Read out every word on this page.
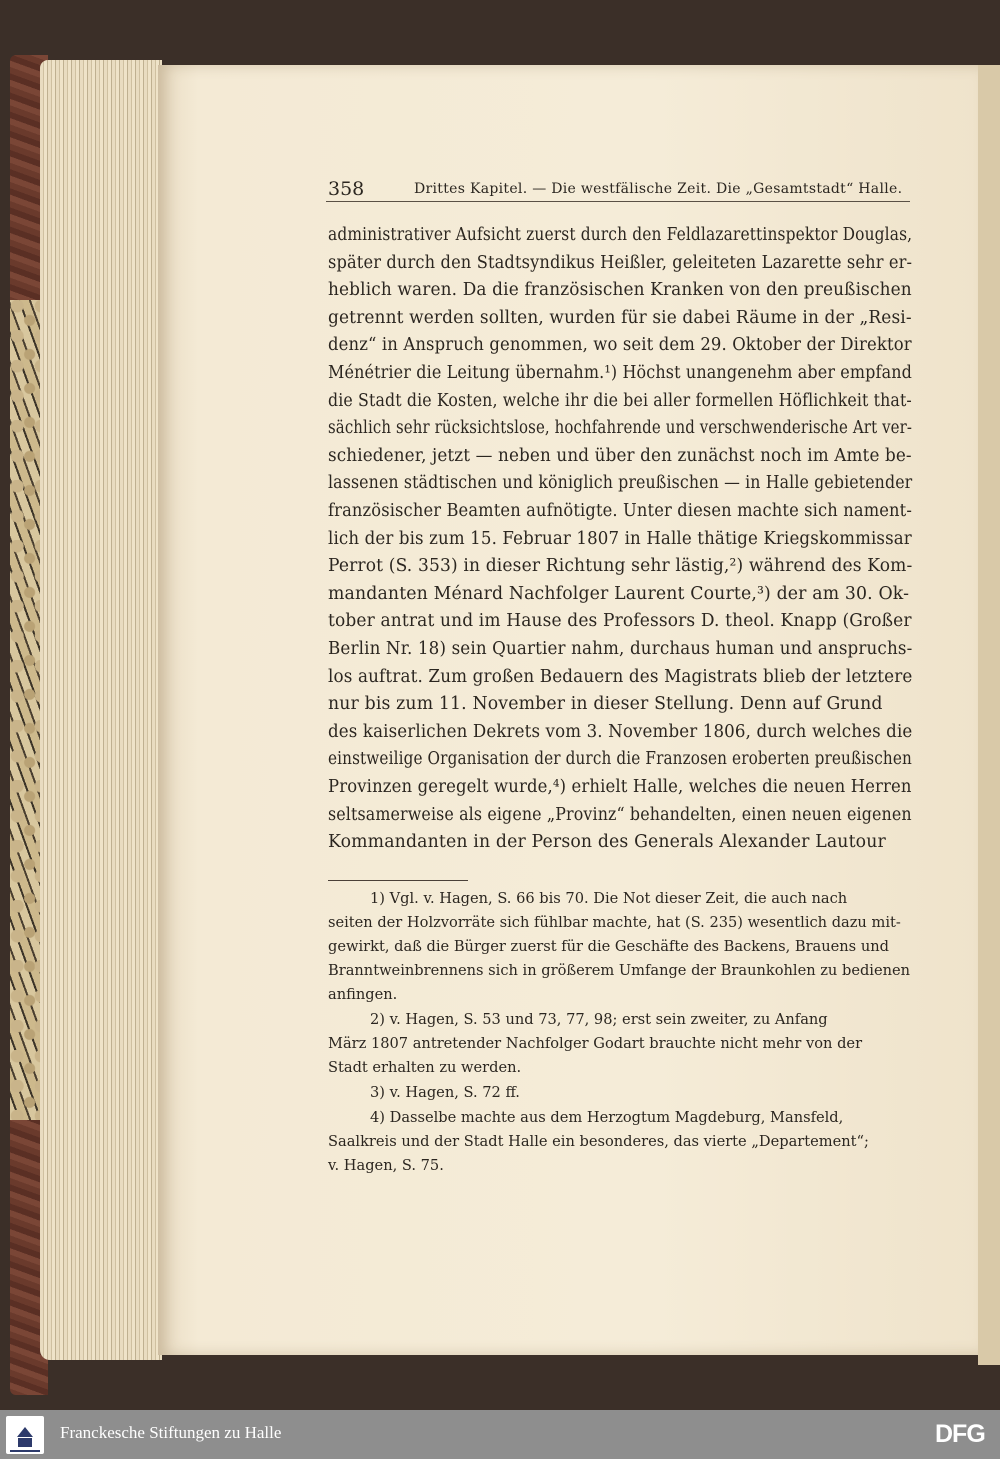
358	Drittes Kapitel. — Die westfälische Zeit. Die „Gesamtstadt“ Halle.
administrativer Aufsicht zuerst durch den Feldlazarettinspektor Douglas,
später durch den Stadtsyndikus Heißler, geleiteten Lazarette sehr er-
heblich waren. Da die französischen Kranken von den preußischen
getrennt werden sollten, wurden für sie dabei Räume in der „Resi-
denz“ in Anspruch genommen, wo seit dem 29. Oktober der Direktor
Ménétrier die Leitung übernahm.¹) Höchst unangenehm aber empfand
die Stadt die Kosten, welche ihr die bei aller formellen Höflichkeit that-
sächlich sehr rücksichtslose, hochfahrende und verschwenderische Art ver-
schiedener, jetzt — neben und über den zunächst noch im Amte be-
lassenen städtischen und königlich preußischen — in Halle gebietender
französischer Beamten aufnötigte. Unter diesen machte sich nament-
lich der bis zum 15. Februar 1807 in Halle thätige Kriegskommissar
Perrot (S. 353) in dieser Richtung sehr lästig,²) während des Kom-
mandanten Ménard Nachfolger Laurent Courte,³) der am 30. Ok-
tober antrat und im Hause des Professors D. theol. Knapp (Großer
Berlin Nr. 18) sein Quartier nahm, durchaus human und anspruchs-
los auftrat. Zum großen Bedauern des Magistrats blieb der letztere
nur bis zum 11. November in dieser Stellung. Denn auf Grund
des kaiserlichen Dekrets vom 3. November 1806, durch welches die
einstweilige Organisation der durch die Franzosen eroberten preußischen
Provinzen geregelt wurde,⁴) erhielt Halle, welches die neuen Herren
seltsamerweise als eigene „Provinz“ behandelten, einen neuen eigenen
Kommandanten in der Person des Generals Alexander Lautour
1) Vgl. v. Hagen, S. 66 bis 70. Die Not dieser Zeit, die auch nach
seiten der Holzvorräte sich fühlbar machte, hat (S. 235) wesentlich dazu mit-
gewirkt, daß die Bürger zuerst für die Geschäfte des Backens, Brauens und
Branntweinbrennens sich in größerem Umfange der Braunkohlen zu bedienen
anfingen.
2) v. Hagen, S. 53 und 73, 77, 98; erst sein zweiter, zu Anfang
März 1807 antretender Nachfolger Godart brauchte nicht mehr von der
Stadt erhalten zu werden.
3) v. Hagen, S. 72 ff.
4) Dasselbe machte aus dem Herzogtum Magdeburg, Mansfeld,
Saalkreis und der Stadt Halle ein besonderes, das vierte „Departement“;
v. Hagen, S. 75.
Franckesche Stiftungen zu Halle	DFG
